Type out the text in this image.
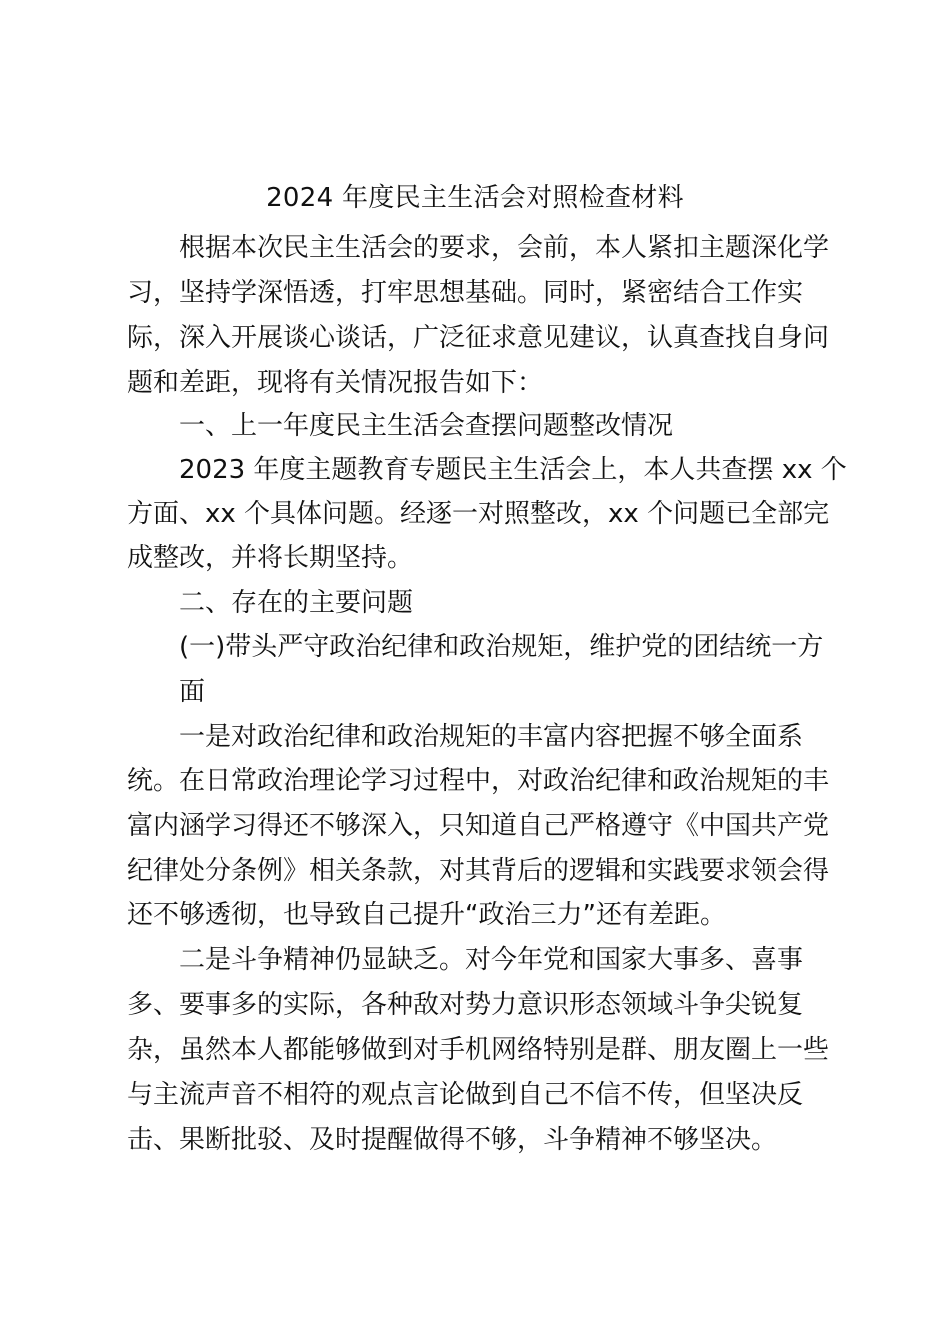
2024 年度民主生活会对照检查材料
根据本次民主生活会的要求，会前，本人紧扣主题深化学
习，坚持学深悟透，打牢思想基础。同时，紧密结合工作实
际，深入开展谈心谈话，广泛征求意见建议，认真查找自身问
题和差距，现将有关情况报告如下：
一、上一年度民主生活会查摆问题整改情况
2023 年度主题教育专题民主生活会上，本人共查摆 xx 个
方面、xx 个具体问题。经逐一对照整改，xx 个问题已全部完
成整改，并将长期坚持。
二、存在的主要问题
(一)带头严守政治纪律和政治规矩，维护党的团结统一方
面
一是对政治纪律和政治规矩的丰富内容把握不够全面系
统。在日常政治理论学习过程中，对政治纪律和政治规矩的丰
富内涵学习得还不够深入，只知道自己严格遵守《中国共产党
纪律处分条例》相关条款，对其背后的逻辑和实践要求领会得
还不够透彻，也导致自己提升“政治三力”还有差距。
二是斗争精神仍显缺乏。对今年党和国家大事多、喜事
多、要事多的实际，各种敌对势力意识形态领域斗争尖锐复
杂，虽然本人都能够做到对手机网络特别是群、朋友圈上一些
与主流声音不相符的观点言论做到自己不信不传，但坚决反
击、果断批驳、及时提醒做得不够，斗争精神不够坚决。
